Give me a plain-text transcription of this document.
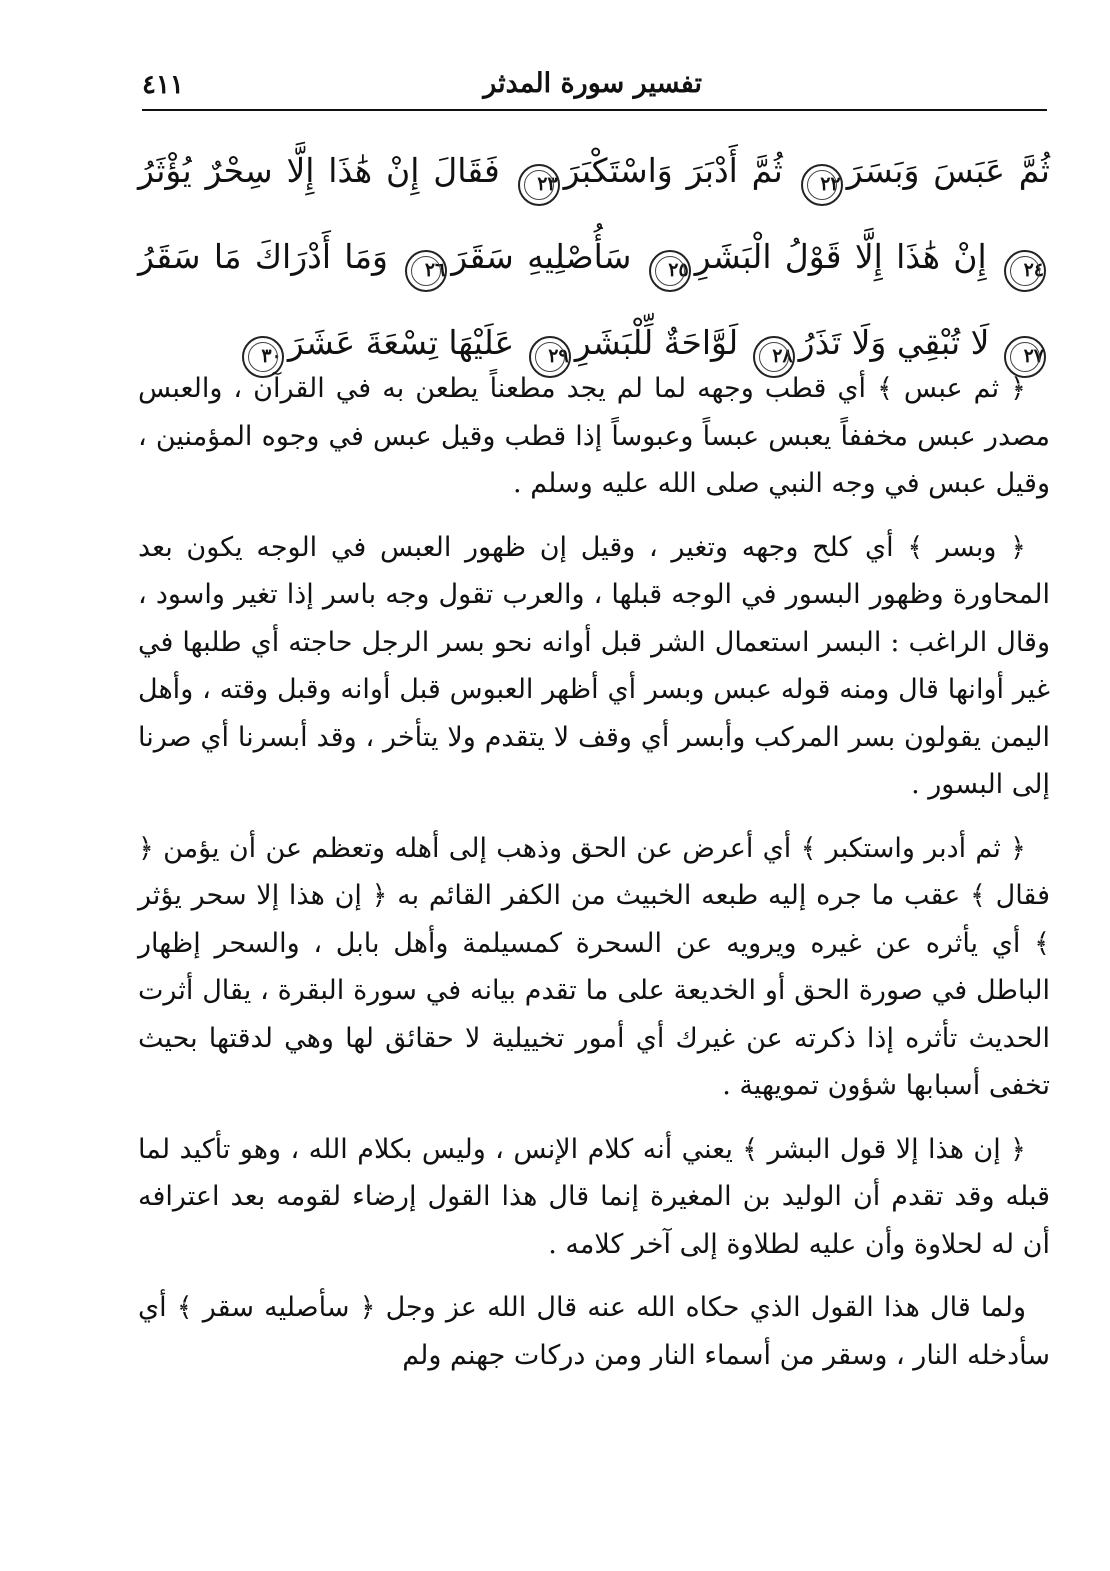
تفسير سورة المدثر
٤١١
ثُمَّ عَبَسَ وَبَسَرَ٢٢ ثُمَّ أَدْبَرَ وَاسْتَكْبَرَ٢٣ فَقَالَ إِنْ هَٰذَا إِلَّا سِحْرٌ يُؤْثَرُ٢٤ إِنْ هَٰذَا إِلَّا قَوْلُ الْبَشَرِ٢٥ سَأُصْلِيهِ سَقَرَ٢٦ وَمَا أَدْرَاكَ مَا سَقَرُ٢٧ لَا تُبْقِي وَلَا تَذَرُ٢٨ لَوَّاحَةٌ لِّلْبَشَرِ٢٩ عَلَيْهَا تِسْعَةَ عَشَرَ٣٠

﴿ ثم عبس ﴾ أي قطب وجهه لما لم يجد مطعناً يطعن به في القرآن ، والعبس مصدر عبس مخففاً يعبس عبساً وعبوساً إذا قطب وقيل عبس في وجوه المؤمنين ، وقيل عبس في وجه النبي صلى الله عليه وسلم .

﴿ وبسر ﴾ أي كلح وجهه وتغير ، وقيل إن ظهور العبس في الوجه يكون بعد المحاورة وظهور البسور في الوجه قبلها ، والعرب تقول وجه باسر إذا تغير واسود ، وقال الراغب : البسر استعمال الشر قبل أوانه نحو بسر الرجل حاجته أي طلبها في غير أوانها قال ومنه قوله عبس وبسر أي أظهر العبوس قبل أوانه وقبل وقته ، وأهل اليمن يقولون بسر المركب وأبسر أي وقف لا يتقدم ولا يتأخر ، وقد أبسرنا أي صرنا إلى البسور .

﴿ ثم أدبر واستكبر ﴾ أي أعرض عن الحق وذهب إلى أهله وتعظم عن أن يؤمن ﴿ فقال ﴾ عقب ما جره إليه طبعه الخبيث من الكفر القائم به ﴿ إن هذا إلا سحر يؤثر ﴾ أي يأثره عن غيره ويرويه عن السحرة كمسيلمة وأهل بابل ، والسحر إظهار الباطل في صورة الحق أو الخديعة على ما تقدم بيانه في سورة البقرة ، يقال أثرت الحديث تأثره إذا ذكرته عن غيرك أي أمور تخييلية لا حقائق لها وهي لدقتها بحيث تخفى أسبابها شؤون تمويهية .

﴿ إن هذا إلا قول البشر ﴾ يعني أنه كلام الإنس ، وليس بكلام الله ، وهو تأكيد لما قبله وقد تقدم أن الوليد بن المغيرة إنما قال هذا القول إرضاء لقومه بعد اعترافه أن له لحلاوة وأن عليه لطلاوة إلى آخر كلامه .

ولما قال هذا القول الذي حكاه الله عنه قال الله عز وجل ﴿ سأصليه سقر ﴾ أي سأدخله النار ، وسقر من أسماء النار ومن دركات جهنم ولم
